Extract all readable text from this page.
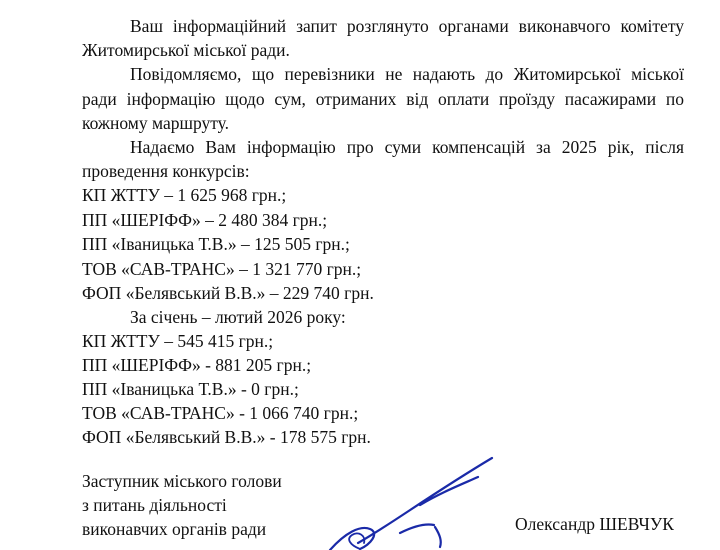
Ваш інформаційний запит розглянуто органами виконавчого комітету
Житомирської міської ради.
Повідомляємо, що перевізники не надають до Житомирської міської
ради інформацію щодо сум, отриманих від оплати проїзду пасажирами по
кожному маршруту.
Надаємо Вам інформацію про суми компенсацій за 2025 рік, після
проведення конкурсів:
КП ЖТТУ – 1 625 968 грн.;
ПП «ШЕРІФФ» – 2 480 384 грн.;
ПП «Іваницька Т.В.» – 125 505 грн.;
ТОВ «САВ-ТРАНС» – 1 321 770 грн.;
ФОП «Белявський В.В.» – 229 740 грн.
За січень – лютий 2026 року:
КП ЖТТУ – 545 415 грн.;
ПП «ШЕРІФФ» - 881 205 грн.;
ПП «Іваницька Т.В.» - 0 грн.;
ТОВ «САВ-ТРАНС» - 1 066 740 грн.;
ФОП «Белявський В.В.» - 178 575 грн.
Заступник міського голови
з питань діяльності
виконавчих органів ради	Олександр ШЕВЧУК
